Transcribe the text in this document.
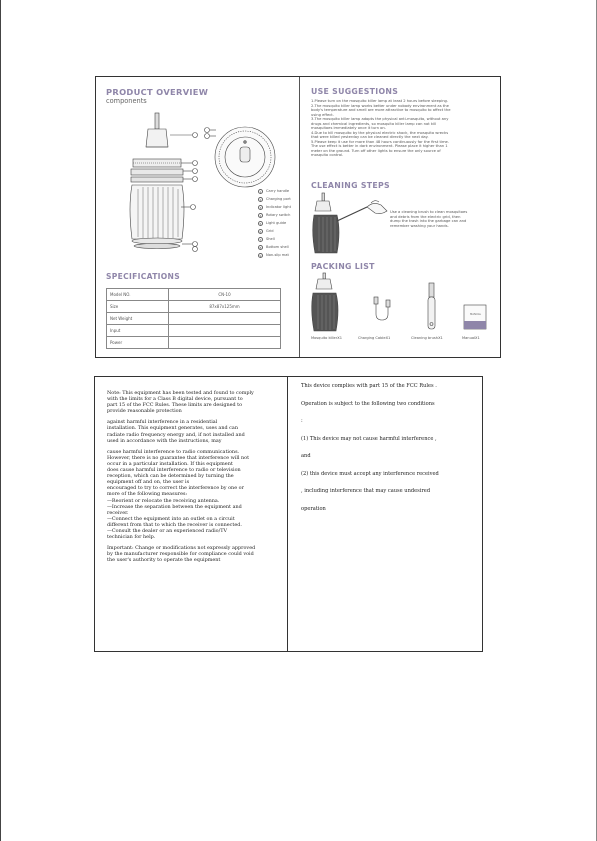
PRODUCT OVERVIEW
components
1	Carry handle
2	Charging port
3	Indicator light
4	Rotary switch
5	Light guide
6	Grid
7	Shell
8	Bottom shell
9	Non-slip mat
SPECIFICATIONS
Model NO.	CN-10
Size	87x87x125mm
Net Weight	
Input	
Power	
USE SUGGESTIONS
1.Please turn on the mosquito killer lamp at least 2 hours before sleeping.
2.The mosquito killer lamp works better under nobody environment as the
body's temperature and smell are more attractive to mosquito to affect the
using effect.
3.The mosquito killer lamp adopts the physical anti-mosquito, without any
drugs and chemical ingredients, so mosquito killer lamp can not kill
mosquitoes immediately once it turn on.
4.Due to kill mosquito by the physical electric shock, the mosquito wrecks
that were killed yesterday can be cleaned directly the next day.
5.Please keep it use for more than 48 hours continuously for the first time.
The use effect is better in dark environment. Please place it higher than 1
meter on the ground. Turn off other lights to ensure the only source of
mosquito control.
CLEANING STEPS
Use a cleaning brush to clean mosquitoes
and debris from the electric grid, then
dump the trash into the garbage can and
remember washing your hands.
PACKING LIST
MANUAL
Mosquito killerX1	Charging CableX1	Cleaning brushX1	ManualX1
Note: This equipment has been tested and found to comply
with the limits for a Class B digital device, pursuant to
part 15 of the FCC Rules. These limits are designed to
provide reasonable protection
against harmful interference in a residential
installation. This equipment generates, uses and can
radiate radio frequency energy and, if not installed and
used in accordance with the instructions, may
cause harmful interference to radio communications.
However, there is no guarantee that interference will not
occur in a particular installation. If this equipment
does cause harmful interference to radio or television
reception, which can be determined by turning the
equipment off and on, the user is
encouraged to try to correct the interference by one or
more of the following measures:
—Reorient or relocate the receiving antenna.
—Increase the separation between the equipment and
receiver.
—Connect the equipment into an outlet on a circuit
different from that to which the receiver is connected.
—Consult the dealer or an experienced radio/TV
technician for help.
Important: Change or modifications not expressly approved
by the manufacturer responsible for compliance could void
the user's authority to operate the equipment
This device complies with part 15 of the FCC Rules .
Operation is subject to the following two conditions
:
(1) This device may not cause harmful interference ,
and
(2) this device must accept any interference received
, including interference that may cause undesired
operation
